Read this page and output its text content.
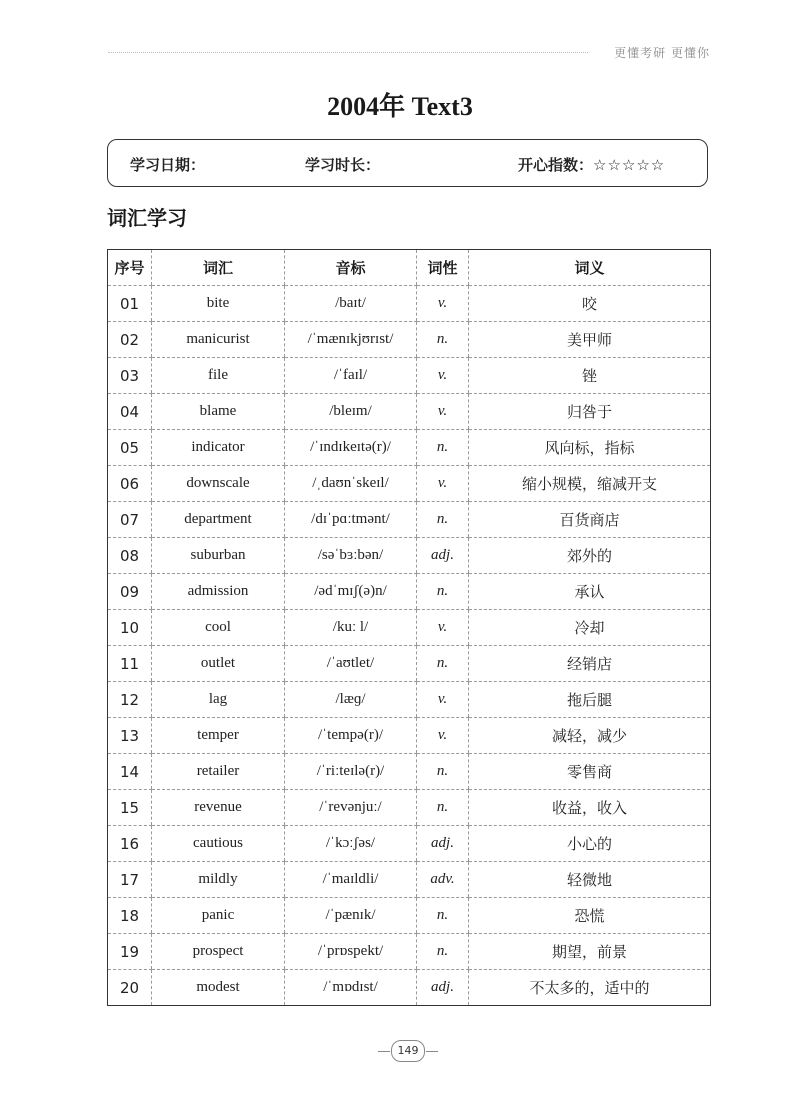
更懂考研 更懂你
2004年 Text3
学习日期：	学习时长：	开心指数：☆☆☆☆☆
词汇学习
序号	词汇	音标	词性	词义
01	bite	/baɪt/	v.	咬
02	manicurist	/ˈmænɪkjʊrɪst/	n.	美甲师
03	file	/ˈfaɪl/	v.	锉
04	blame	/bleɪm/	v.	归咎于
05	indicator	/ˈɪndɪkeɪtə(r)/	n.	风向标，指标
06	downscale	/ˌdaʊnˈskeɪl/	v.	缩小规模，缩减开支
07	department	/dɪˈpɑːtmənt/	n.	百货商店
08	suburban	/səˈbɜːbən/	adj.	郊外的
09	admission	/ədˈmɪʃ(ə)n/	n.	承认
10	cool	/kuː l/	v.	冷却
11	outlet	/ˈaʊtlet/	n.	经销店
12	lag	/læɡ/	v.	拖后腿
13	temper	/ˈtempə(r)/	v.	减轻，减少
14	retailer	/ˈriːteɪlə(r)/	n.	零售商
15	revenue	/ˈrevənjuː/	n.	收益，收入
16	cautious	/ˈkɔːʃəs/	adj.	小心的
17	mildly	/ˈmaɪldli/	adv.	轻微地
18	panic	/ˈpænɪk/	n.	恐慌
19	prospect	/ˈprɒspekt/	n.	期望，前景
20	modest	/ˈmɒdɪst/	adj.	不太多的，适中的
149
